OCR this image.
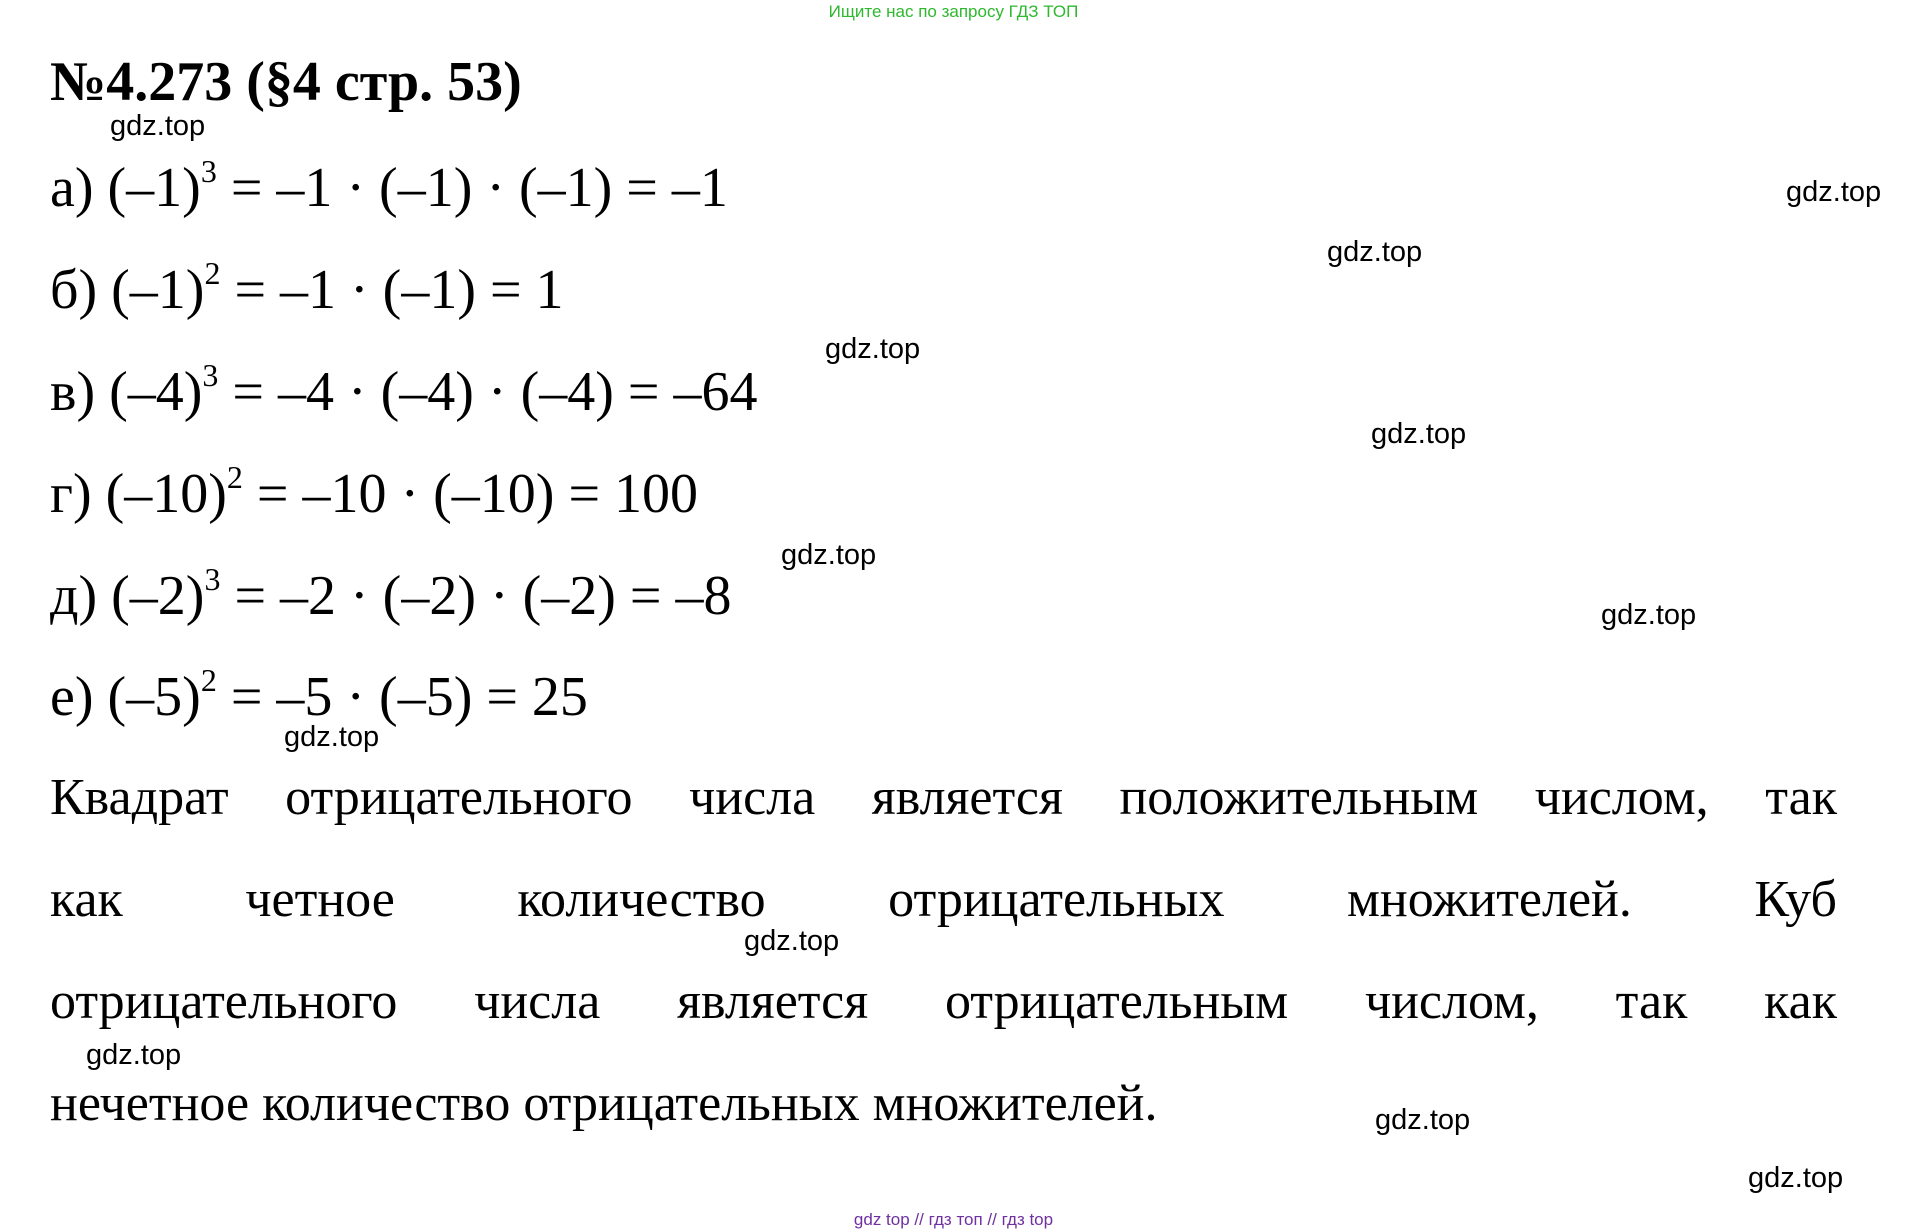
Ищите нас по запросу ГДЗ ТОП
№4.273 (§4 стр. 53)
а) $(-1)^3 = -1 \cdot (-1) \cdot (-1) = -1$
б) $(-1)^2 = -1 \cdot (-1) = 1$
в) $(-4)^3 = -4 \cdot (-4) \cdot (-4) = -64$
г) $(-10)^2 = -10 \cdot (-10) = 100$
д) $(-2)^3 = -2 \cdot (-2) \cdot (-2) = -8$
е) $(-5)^2 = -5 \cdot (-5) = 25$
Квадрат отрицательного числа является положительным числом, так
как четное количество отрицательных множителей. Куб
отрицательного числа является отрицательным числом, так как
нечетное количество отрицательных множителей.
gdz.top
gdz.top
gdz.top
gdz.top
gdz.top
gdz.top
gdz.top
gdz.top
gdz.top
gdz.top
gdz.top
gdz.top
gdz top // гдз топ // гдз top
